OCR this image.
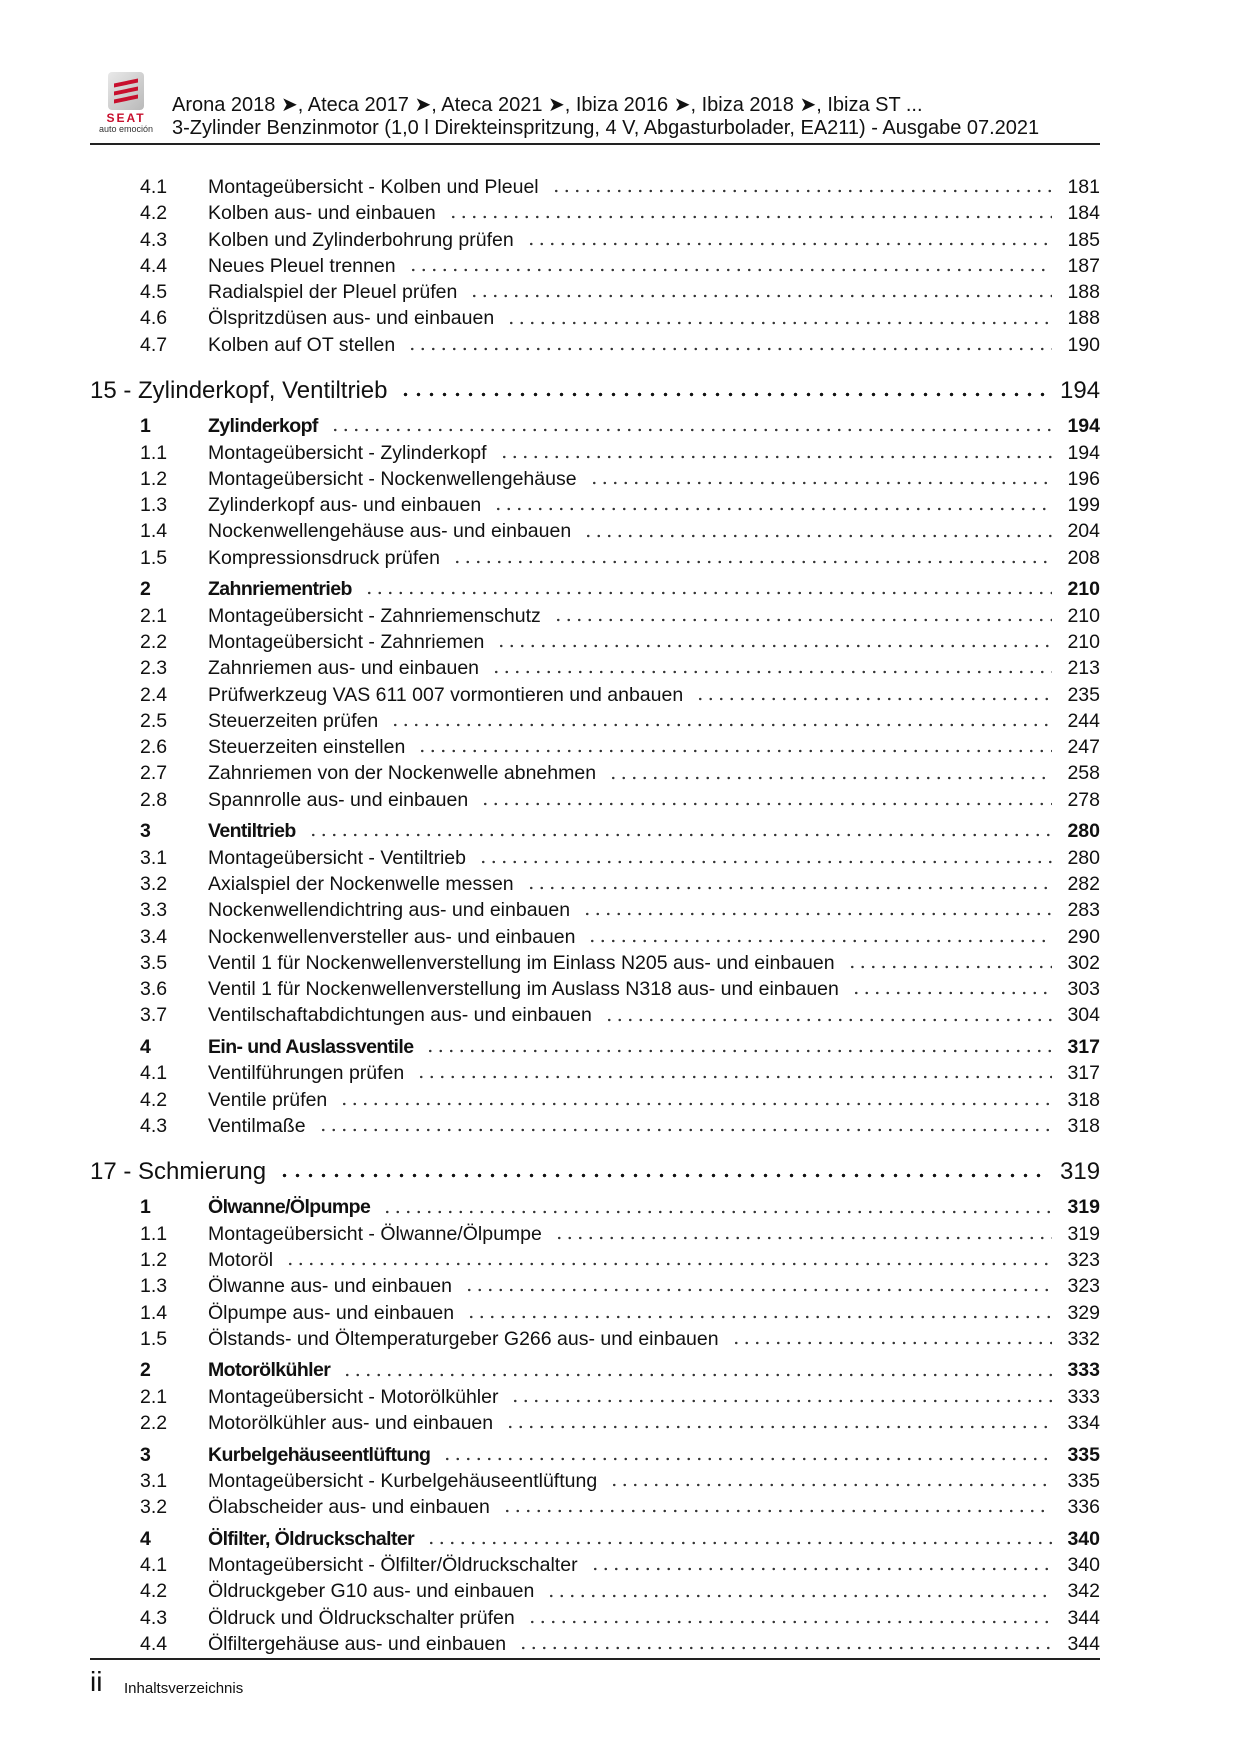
SEAT
auto emoción
Arona 2018 ➤, Ateca 2017 ➤, Ateca 2021 ➤, Ibiza 2016 ➤, Ibiza 2018 ➤, Ibiza ST ...
3-Zylinder Benzinmotor (1,0 l Direkteinspritzung, 4 V, Abgasturbolader, EA211) - Ausgabe 07.2021
4.1	Montageübersicht - Kolben und Pleuel	181
4.2	Kolben aus- und einbauen	184
4.3	Kolben und Zylinderbohrung prüfen	185
4.4	Neues Pleuel trennen	187
4.5	Radialspiel der Pleuel prüfen	188
4.6	Ölspritzdüsen aus- und einbauen	188
4.7	Kolben auf OT stellen	190
15 - Zylinderkopf, Ventiltrieb	194
1	Zylinderkopf	194
1.1	Montageübersicht - Zylinderkopf	194
1.2	Montageübersicht - Nockenwellengehäuse	196
1.3	Zylinderkopf aus- und einbauen	199
1.4	Nockenwellengehäuse aus- und einbauen	204
1.5	Kompressionsdruck prüfen	208
2	Zahnriementrieb	210
2.1	Montageübersicht - Zahnriemenschutz	210
2.2	Montageübersicht - Zahnriemen	210
2.3	Zahnriemen aus- und einbauen	213
2.4	Prüfwerkzeug VAS 611 007 vormontieren und anbauen	235
2.5	Steuerzeiten prüfen	244
2.6	Steuerzeiten einstellen	247
2.7	Zahnriemen von der Nockenwelle abnehmen	258
2.8	Spannrolle aus- und einbauen	278
3	Ventiltrieb	280
3.1	Montageübersicht - Ventiltrieb	280
3.2	Axialspiel der Nockenwelle messen	282
3.3	Nockenwellendichtring aus- und einbauen	283
3.4	Nockenwellenversteller aus- und einbauen	290
3.5	Ventil 1 für Nockenwellenverstellung im Einlass N205 aus- und einbauen	302
3.6	Ventil 1 für Nockenwellenverstellung im Auslass N318 aus- und einbauen	303
3.7	Ventilschaftabdichtungen aus- und einbauen	304
4	Ein- und Auslassventile	317
4.1	Ventilführungen prüfen	317
4.2	Ventile prüfen	318
4.3	Ventilmaße	318
17 - Schmierung	319
1	Ölwanne/Ölpumpe	319
1.1	Montageübersicht - Ölwanne/Ölpumpe	319
1.2	Motoröl	323
1.3	Ölwanne aus- und einbauen	323
1.4	Ölpumpe aus- und einbauen	329
1.5	Ölstands- und Öltemperaturgeber G266 aus- und einbauen	332
2	Motorölkühler	333
2.1	Montageübersicht - Motorölkühler	333
2.2	Motorölkühler aus- und einbauen	334
3	Kurbelgehäuseentlüftung	335
3.1	Montageübersicht - Kurbelgehäuseentlüftung	335
3.2	Ölabscheider aus- und einbauen	336
4	Ölfilter, Öldruckschalter	340
4.1	Montageübersicht - Ölfilter/Öldruckschalter	340
4.2	Öldruckgeber G10 aus- und einbauen	342
4.3	Öldruck und Öldruckschalter prüfen	344
4.4	Ölfiltergehäuse aus- und einbauen	344
ii Inhaltsverzeichnis
